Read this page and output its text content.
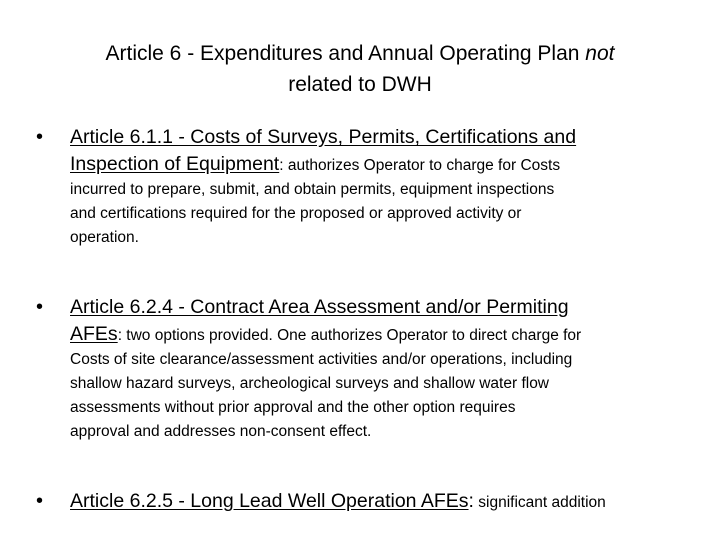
Article 6 - Expenditures and Annual Operating Plan not
related to DWH
• Article 6.1.1 - Costs of Surveys, Permits, Certifications and
Inspection of Equipment: authorizes Operator to charge for Costs
incurred to prepare, submit, and obtain permits, equipment inspections
and certifications required for the proposed or approved activity or
operation.
• Article 6.2.4 - Contract Area Assessment and/or Permiting
AFEs: two options provided. One authorizes Operator to direct charge for
Costs of site clearance/assessment activities and/or operations, including
shallow hazard surveys, archeological surveys and shallow water flow
assessments without prior approval and the other option requires
approval and addresses non-consent effect.
• Article 6.2.5 - Long Lead Well Operation AFEs: significant addition
